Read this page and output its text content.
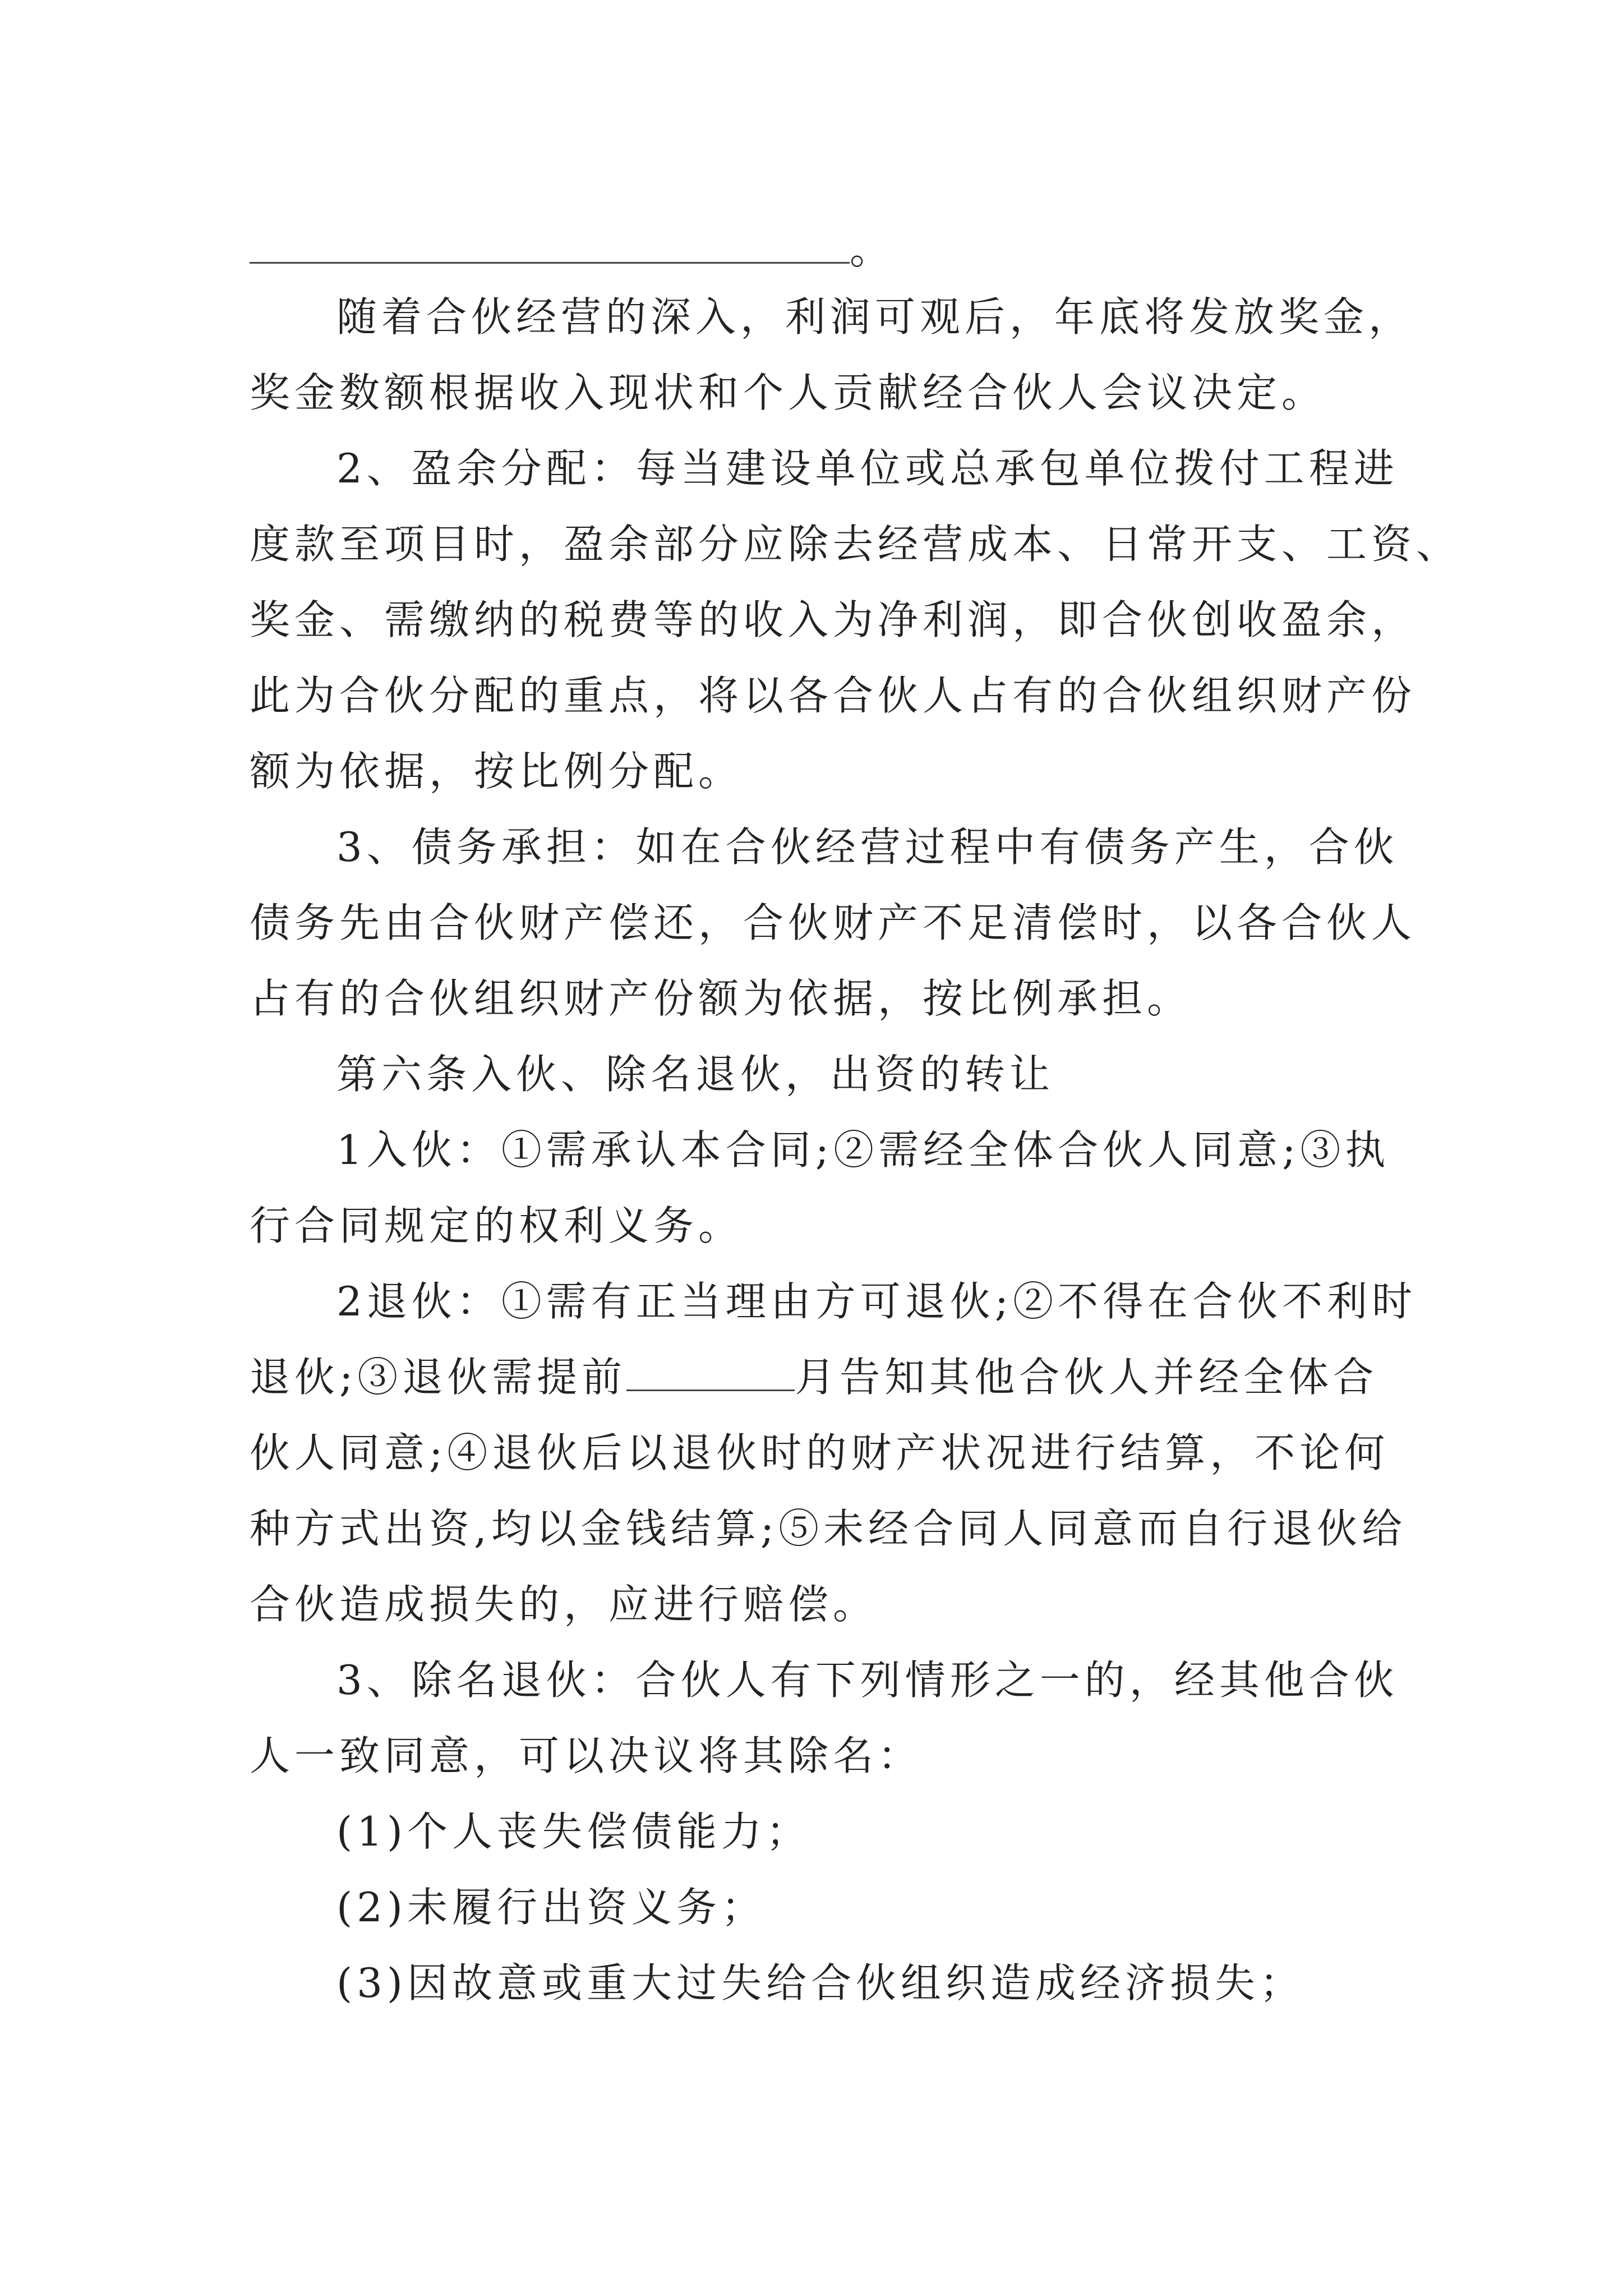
。

随着合伙经营的深入，利润可观后，年底将发放奖金，

奖金数额根据收入现状和个人贡献经合伙人会议决定。

2、盈余分配：每当建设单位或总承包单位拨付工程进

度款至项目时，盈余部分应除去经营成本、日常开支、工资、

奖金、需缴纳的税费等的收入为净利润，即合伙创收盈余，

此为合伙分配的重点，将以各合伙人占有的合伙组织财产份

额为依据，按比例分配。

3、债务承担：如在合伙经营过程中有债务产生，合伙

债务先由合伙财产偿还，合伙财产不足清偿时，以各合伙人

占有的合伙组织财产份额为依据，按比例承担。

第六条入伙、除名退伙，出资的转让

1入伙：①需承认本合同;②需经全体合伙人同意;③执

行合同规定的权利义务。

2退伙：①需有正当理由方可退伙;②不得在合伙不利时

退伙;③退伙需提前	月告知其他合伙人并经全体合

伙人同意;④退伙后以退伙时的财产状况进行结算，不论何

种方式出资,均以金钱结算;⑤未经合同人同意而自行退伙给

合伙造成损失的，应进行赔偿。

3、除名退伙：合伙人有下列情形之一的，经其他合伙

人一致同意，可以决议将其除名：

(1)个人丧失偿债能力；

(2)未履行出资义务；

(3)因故意或重大过失给合伙组织造成经济损失；
